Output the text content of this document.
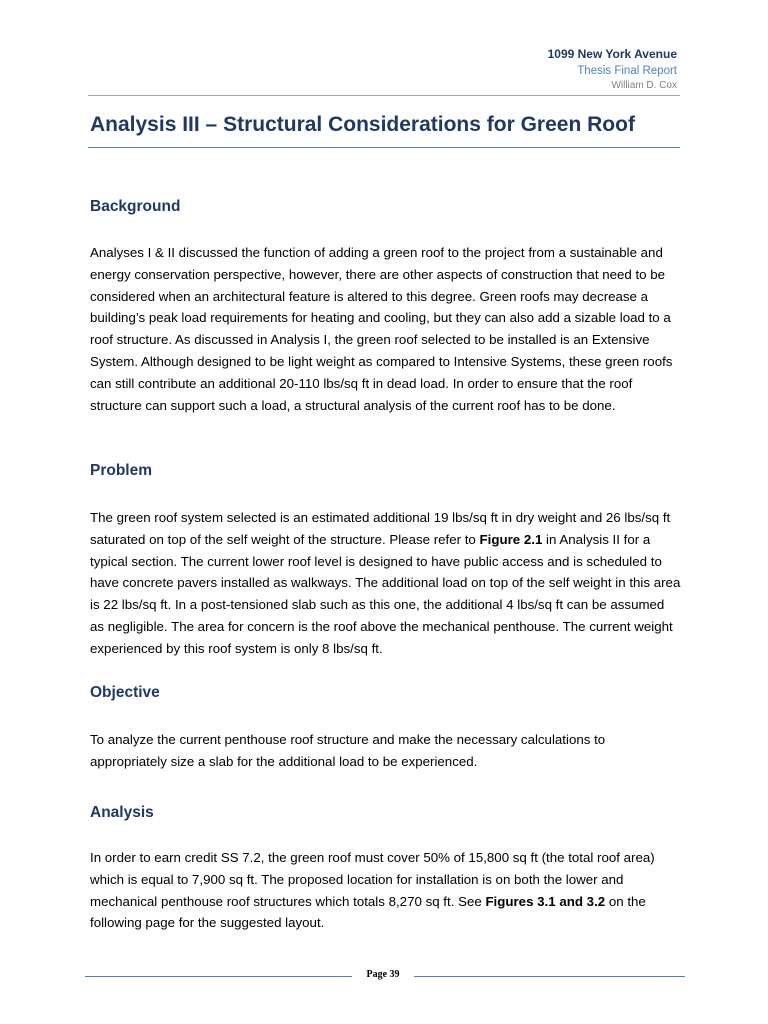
1099 New York Avenue
Thesis Final Report
William D. Cox
Analysis III – Structural Considerations for Green Roof
Background
Analyses I & II discussed the function of adding a green roof to the project from a sustainable and energy conservation perspective, however, there are other aspects of construction that need to be considered when an architectural feature is altered to this degree. Green roofs may decrease a building’s peak load requirements for heating and cooling, but they can also add a sizable load to a roof structure. As discussed in Analysis I, the green roof selected to be installed is an Extensive System. Although designed to be light weight as compared to Intensive Systems, these green roofs can still contribute an additional 20-110 lbs/sq ft in dead load. In order to ensure that the roof structure can support such a load, a structural analysis of the current roof has to be done.
Problem
The green roof system selected is an estimated additional 19 lbs/sq ft in dry weight and 26 lbs/sq ft saturated on top of the self weight of the structure. Please refer to Figure 2.1 in Analysis II for a typical section. The current lower roof level is designed to have public access and is scheduled to have concrete pavers installed as walkways. The additional load on top of the self weight in this area is 22 lbs/sq ft. In a post-tensioned slab such as this one, the additional 4 lbs/sq ft can be assumed as negligible. The area for concern is the roof above the mechanical penthouse. The current weight experienced by this roof system is only 8 lbs/sq ft.
Objective
To analyze the current penthouse roof structure and make the necessary calculations to appropriately size a slab for the additional load to be experienced.
Analysis
In order to earn credit SS 7.2, the green roof must cover 50% of 15,800 sq ft (the total roof area) which is equal to 7,900 sq ft. The proposed location for installation is on both the lower and mechanical penthouse roof structures which totals 8,270 sq ft. See Figures 3.1 and 3.2 on the following page for the suggested layout.
Page 39
